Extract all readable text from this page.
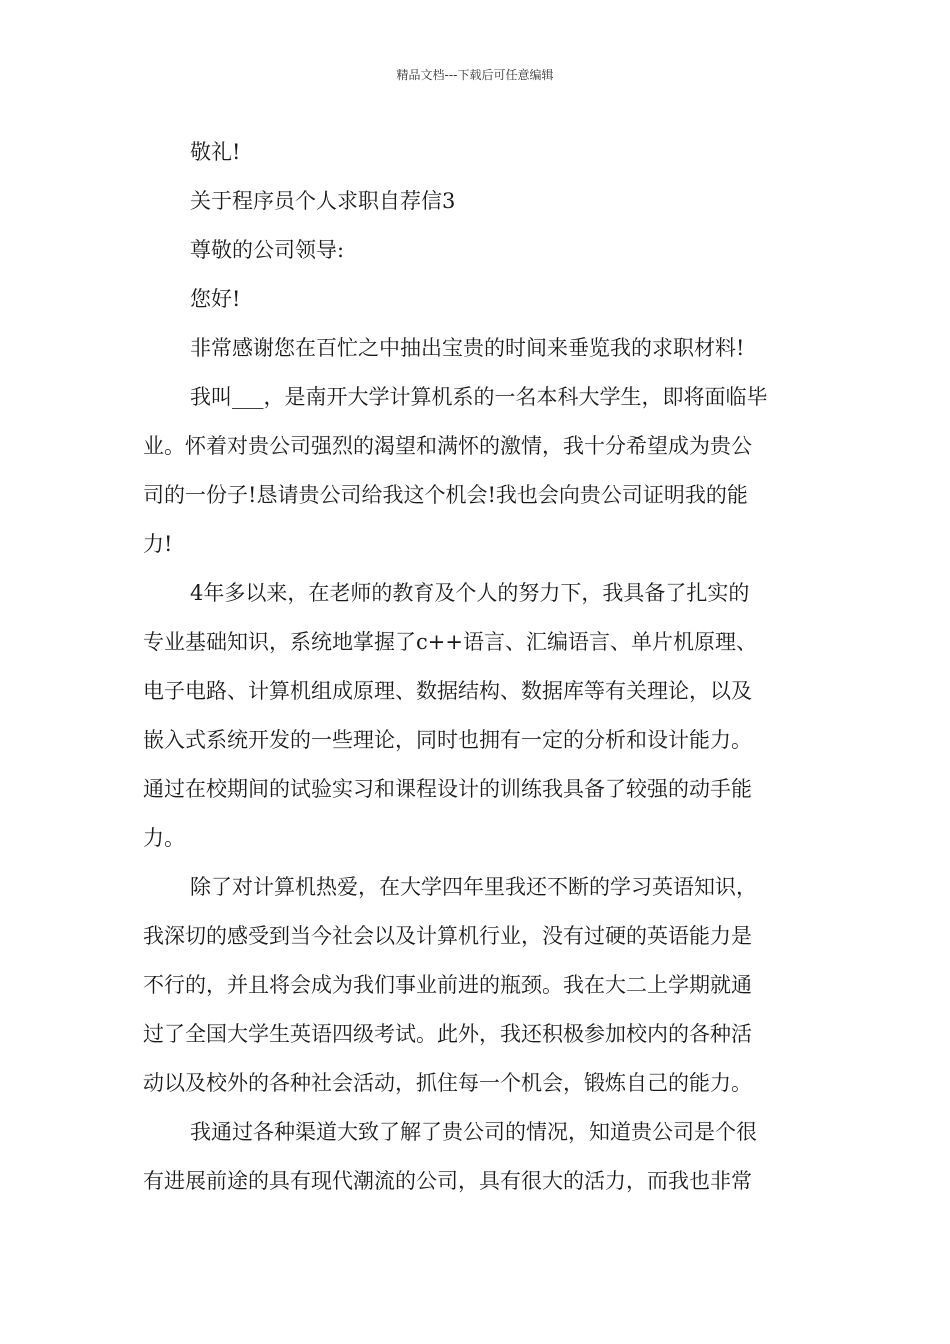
精品文档---下载后可任意编辑
敬礼!
关于程序员个人求职自荐信3
尊敬的公司领导:
您好!
非常感谢您在百忙之中抽出宝贵的时间来垂览我的求职材料!
我叫___，是南开大学计算机系的一名本科大学生，即将面临毕
业。怀着对贵公司强烈的渴望和满怀的激情，我十分希望成为贵公
司的一份子!恳请贵公司给我这个机会!我也会向贵公司证明我的能
力!
4年多以来，在老师的教育及个人的努力下，我具备了扎实的
专业基础知识，系统地掌握了c++语言、汇编语言、单片机原理、
电子电路、计算机组成原理、数据结构、数据库等有关理论，以及
嵌入式系统开发的一些理论，同时也拥有一定的分析和设计能力。
通过在校期间的试验实习和课程设计的训练我具备了较强的动手能
力。
除了对计算机热爱，在大学四年里我还不断的学习英语知识，
我深切的感受到当今社会以及计算机行业，没有过硬的英语能力是
不行的，并且将会成为我们事业前进的瓶颈。我在大二上学期就通
过了全国大学生英语四级考试。此外，我还积极参加校内的各种活
动以及校外的各种社会活动，抓住每一个机会，锻炼自己的能力。
我通过各种渠道大致了解了贵公司的情况，知道贵公司是个很
有进展前途的具有现代潮流的公司，具有很大的活力，而我也非常
